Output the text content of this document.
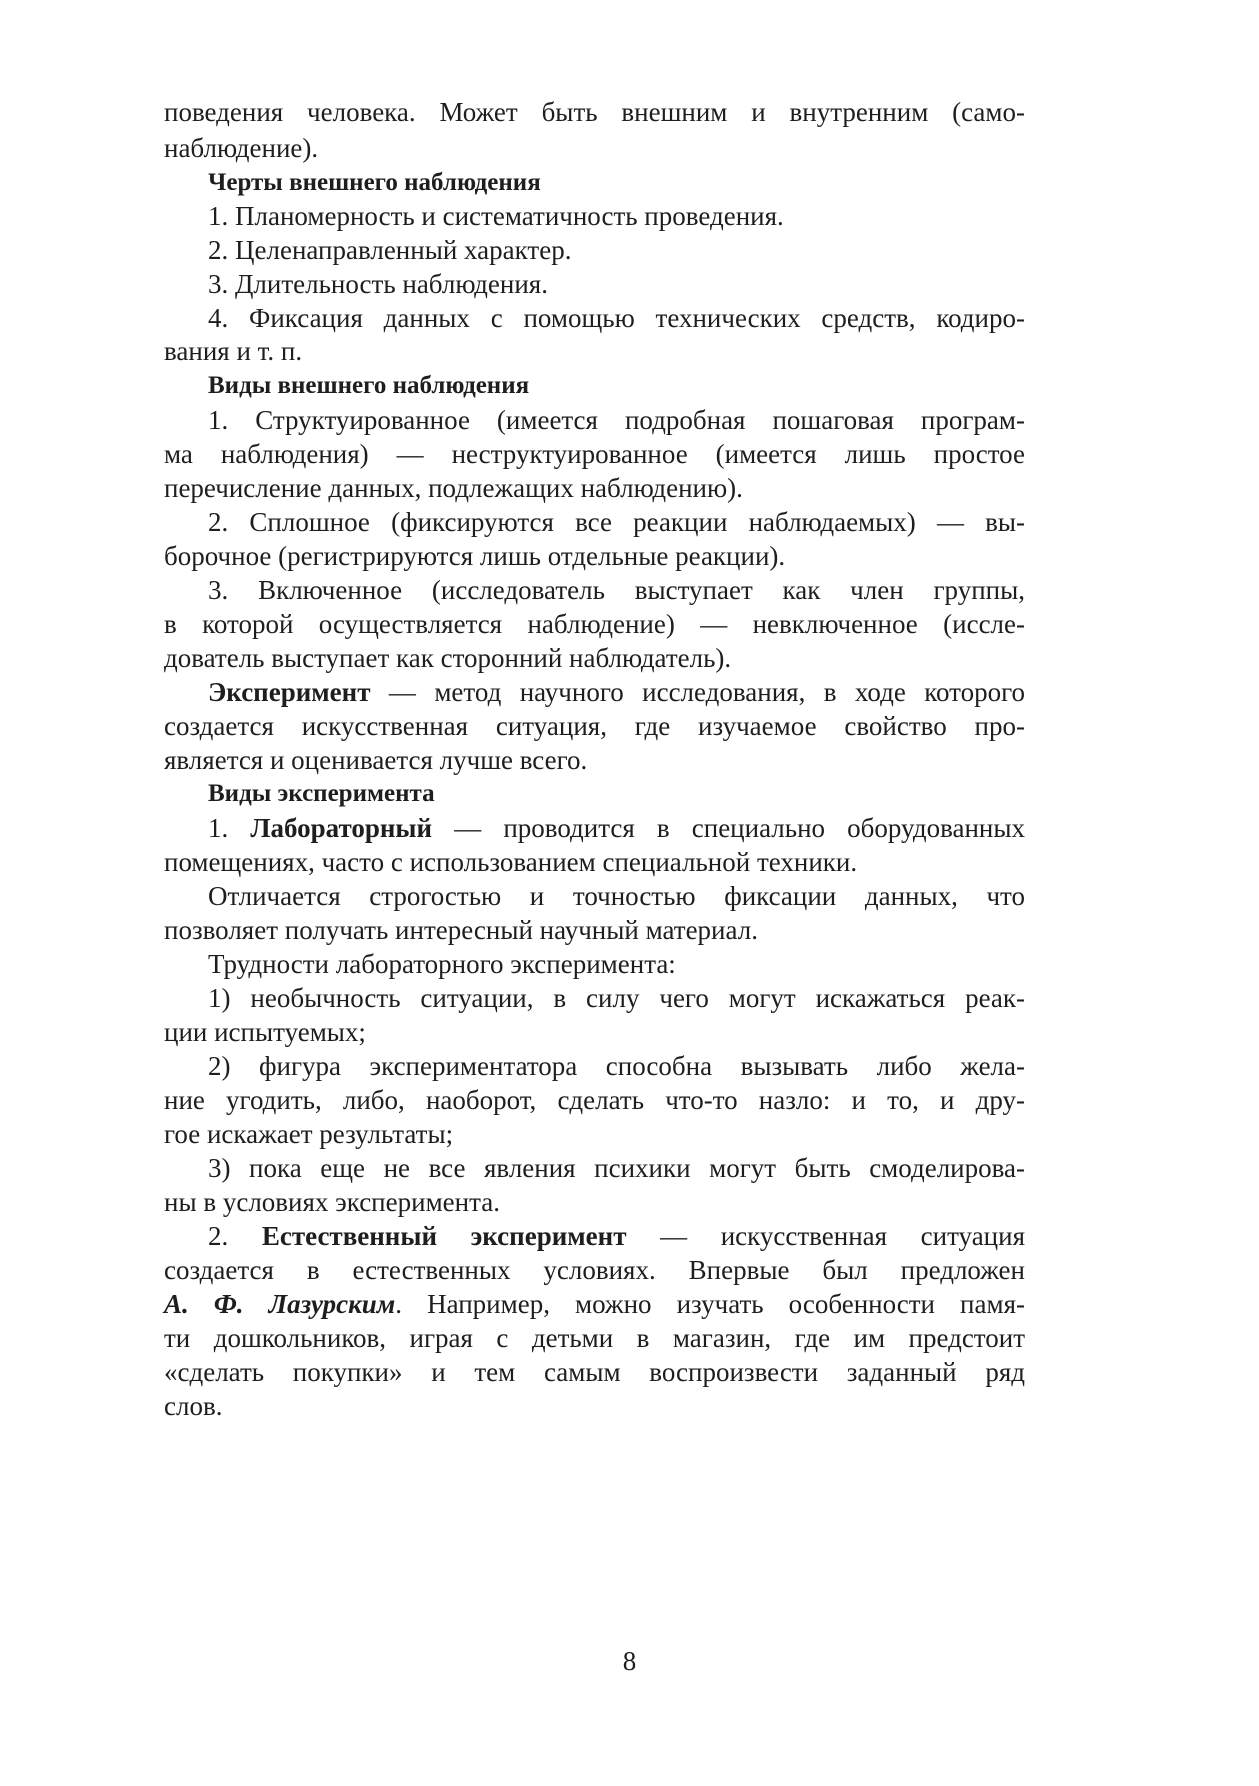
поведения человека. Может быть внешним и внутренним (само-
наблюдение).
Черты внешнего наблюдения
1. Планомерность и систематичность проведения.
2. Целенаправленный характер.
3. Длительность наблюдения.
4. Фиксация данных с помощью технических средств, кодиро-
вания и т. п.
Виды внешнего наблюдения
1. Структуированное (имеется подробная пошаговая програм-
ма наблюдения) — неструктуированное (имеется лишь простое
перечисление данных, подлежащих наблюдению).
2. Сплошное (фиксируются все реакции наблюдаемых) — вы-
борочное (регистрируются лишь отдельные реакции).
3. Включенное (исследователь выступает как член группы,
в которой осуществляется наблюдение) — невключенное (иссле-
дователь выступает как сторонний наблюдатель).
Эксперимент — метод научного исследования, в ходе которого
создается искусственная ситуация, где изучаемое свойство про-
является и оценивается лучше всего.
Виды эксперимента
1. Лабораторный — проводится в специально оборудованных
помещениях, часто с использованием специальной техники.
Отличается строгостью и точностью фиксации данных, что
позволяет получать интересный научный материал.
Трудности лабораторного эксперимента:
1) необычность ситуации, в силу чего могут искажаться реак-
ции испытуемых;
2) фигура экспериментатора способна вызывать либо жела-
ние угодить, либо, наоборот, сделать что-то назло: и то, и дру-
гое искажает результаты;
3) пока еще не все явления психики могут быть смоделирова-
ны в условиях эксперимента.
2. Естественный эксперимент — искусственная ситуация
создается в естественных условиях. Впервые был предложен
А. Ф. Лазурским. Например, можно изучать особенности памя-
ти дошкольников, играя с детьми в магазин, где им предстоит
«сделать покупки» и тем самым воспроизвести заданный ряд
слов.
8
